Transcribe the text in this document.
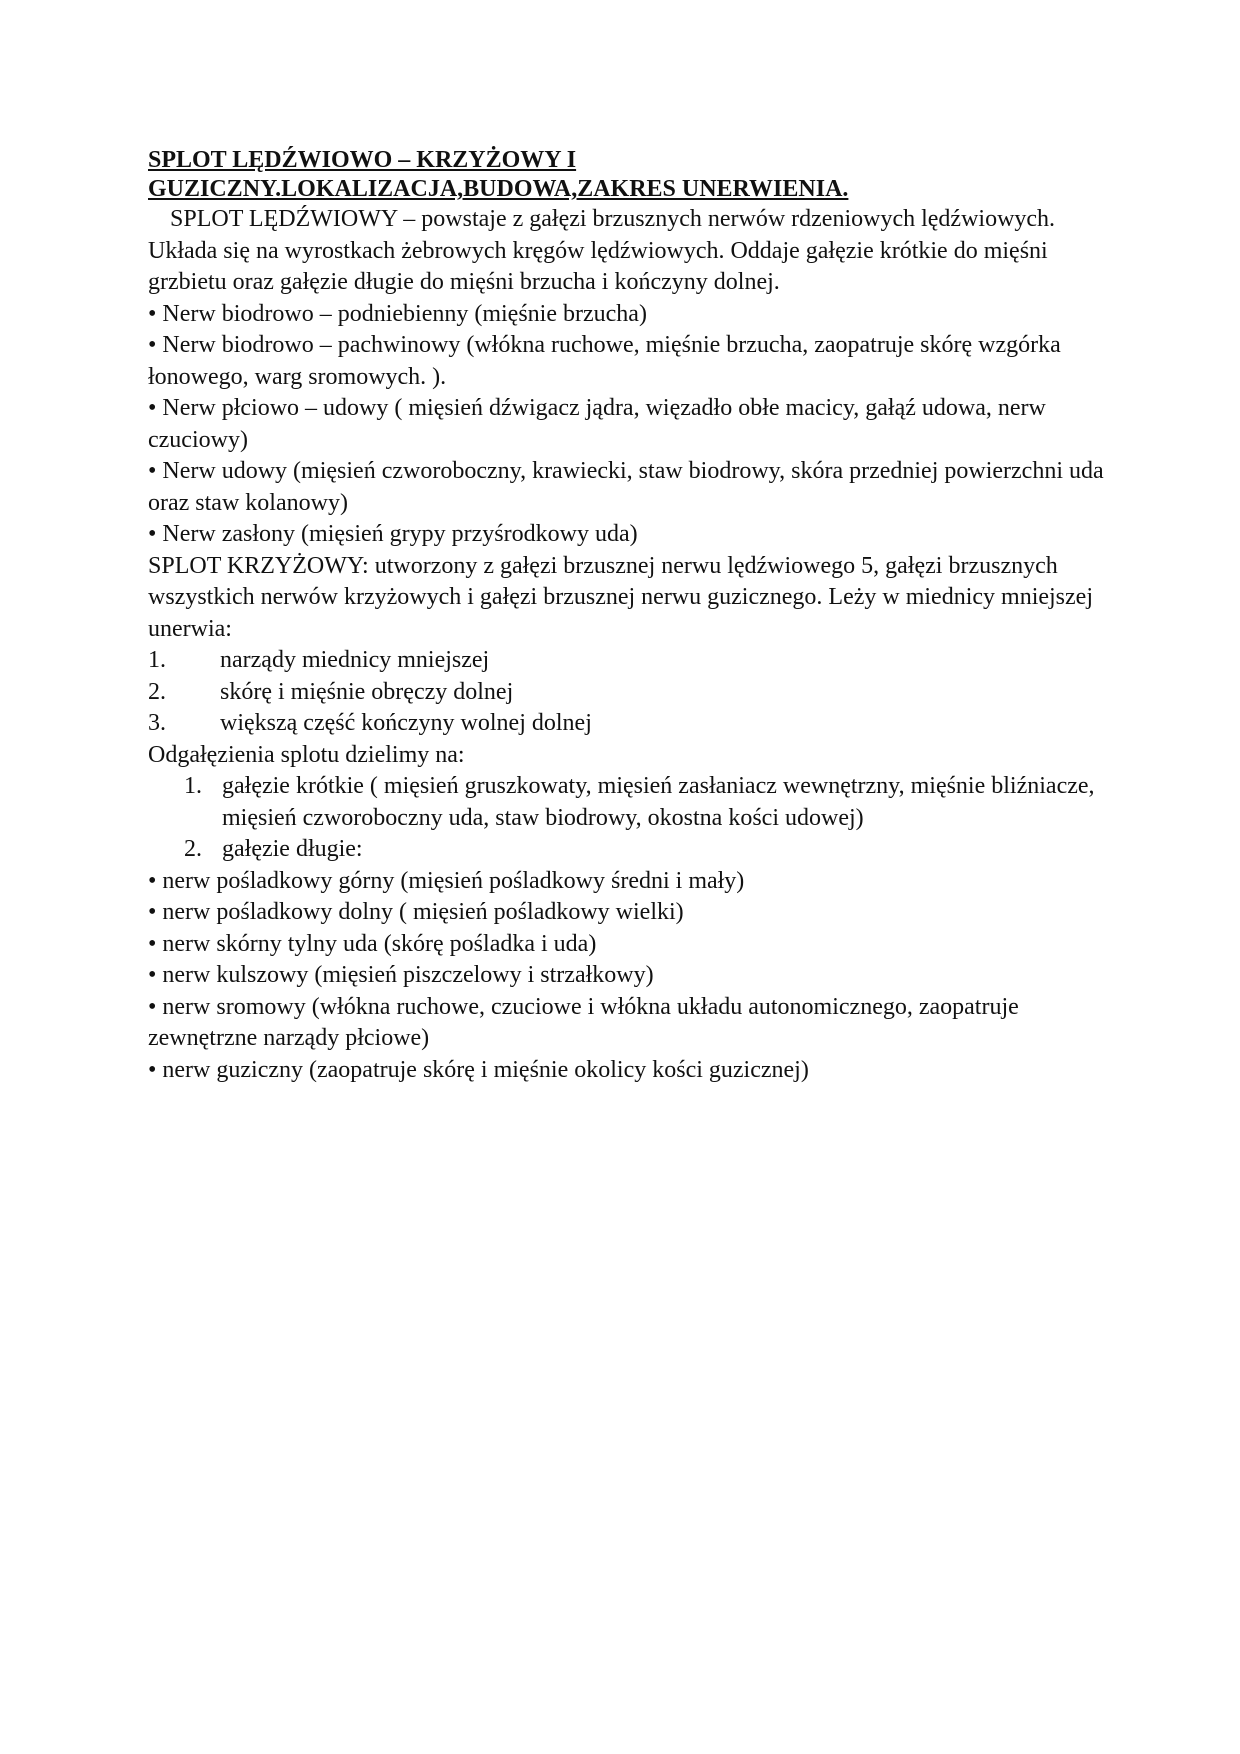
SPLOT LĘDŹWIOWO – KRZYŻOWY I
GUZICZNY.LOKALIZACJA,BUDOWA,ZAKRES UNERWIENIA.

SPLOT LĘDŹWIOWY – powstaje z gałęzi brzusznych nerwów rdzeniowych lędźwiowych. Układa się na wyrostkach żebrowych kręgów lędźwiowych. Oddaje gałęzie krótkie do mięśni grzbietu oraz gałęzie długie do mięśni brzucha i kończyny dolnej.

• Nerw biodrowo – podniebienny (mięśnie brzucha)

• Nerw biodrowo – pachwinowy (włókna ruchowe, mięśnie brzucha, zaopatruje skórę wzgórka łonowego, warg sromowych. ).

• Nerw płciowo – udowy ( mięsień dźwigacz jądra, więzadło obłe macicy, gałąź udowa, nerw czuciowy)

• Nerw udowy (mięsień czworoboczny, krawiecki, staw biodrowy, skóra przedniej powierzchni uda oraz staw kolanowy)

• Nerw zasłony (mięsień grypy przyśrodkowy uda)

SPLOT KRZYŻOWY: utworzony z gałęzi brzusznej nerwu lędźwiowego 5, gałęzi brzusznych wszystkich nerwów krzyżowych i gałęzi brzusznej nerwu guzicznego. Leży w miednicy mniejszej unerwia:

1.	narządy miednicy mniejszej
2.	skórę i mięśnie obręczy dolnej
3.	większą część kończyny wolnej dolnej

Odgałęzienia splotu dzielimy na:

1. gałęzie krótkie ( mięsień gruszkowaty, mięsień zasłaniacz wewnętrzny, mięśnie bliźniacze, mięsień czworoboczny uda, staw biodrowy, okostna kości udowej)
2. gałęzie długie:

• nerw pośladkowy górny (mięsień pośladkowy średni i mały)

• nerw pośladkowy dolny ( mięsień pośladkowy wielki)

• nerw skórny tylny uda (skórę pośladka i uda)

• nerw kulszowy (mięsień piszczelowy i strzałkowy)

• nerw sromowy (włókna ruchowe, czuciowe i włókna układu autonomicznego, zaopatruje zewnętrzne narządy płciowe)

• nerw guziczny (zaopatruje skórę i mięśnie okolicy kości guzicznej)
